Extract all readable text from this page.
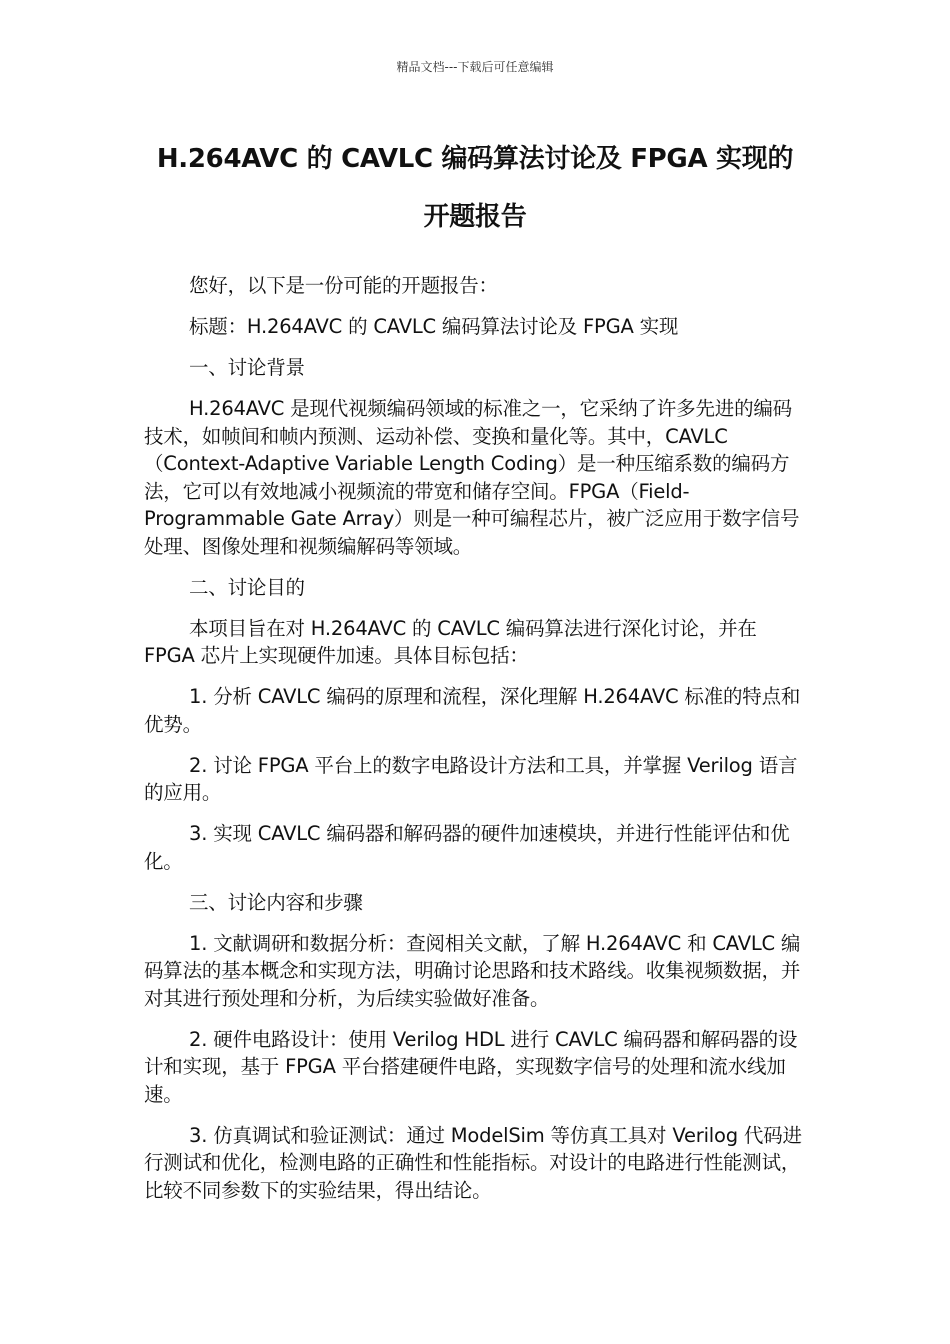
精品文档---下载后可任意编辑
H.264AVC 的 CAVLC 编码算法讨论及 FPGA 实现的
开题报告

您好，以下是一份可能的开题报告：

标题：H.264AVC 的 CAVLC 编码算法讨论及 FPGA 实现

一、讨论背景

H.264AVC 是现代视频编码领域的标准之一，它采纳了许多先进的编码技术，如帧间和帧内预测、运动补偿、变换和量化等。其中，CAVLC（Context-Adaptive Variable Length Coding）是一种压缩系数的编码方法，它可以有效地减小视频流的带宽和储存空间。FPGA（Field-Programmable Gate Array）则是一种可编程芯片，被广泛应用于数字信号处理、图像处理和视频编解码等领域。

二、讨论目的

本项目旨在对 H.264AVC 的 CAVLC 编码算法进行深化讨论，并在 FPGA 芯片上实现硬件加速。具体目标包括：

1. 分析 CAVLC 编码的原理和流程，深化理解 H.264AVC 标准的特点和优势。

2. 讨论 FPGA 平台上的数字电路设计方法和工具，并掌握 Verilog 语言的应用。

3. 实现 CAVLC 编码器和解码器的硬件加速模块，并进行性能评估和优化。

三、讨论内容和步骤

1. 文献调研和数据分析：查阅相关文献，了解 H.264AVC 和 CAVLC 编码算法的基本概念和实现方法，明确讨论思路和技术路线。收集视频数据，并对其进行预处理和分析，为后续实验做好准备。

2. 硬件电路设计：使用 Verilog HDL 进行 CAVLC 编码器和解码器的设计和实现，基于 FPGA 平台搭建硬件电路，实现数字信号的处理和流水线加速。

3. 仿真调试和验证测试：通过 ModelSim 等仿真工具对 Verilog 代码进行测试和优化，检测电路的正确性和性能指标。对设计的电路进行性能测试，比较不同参数下的实验结果，得出结论。
